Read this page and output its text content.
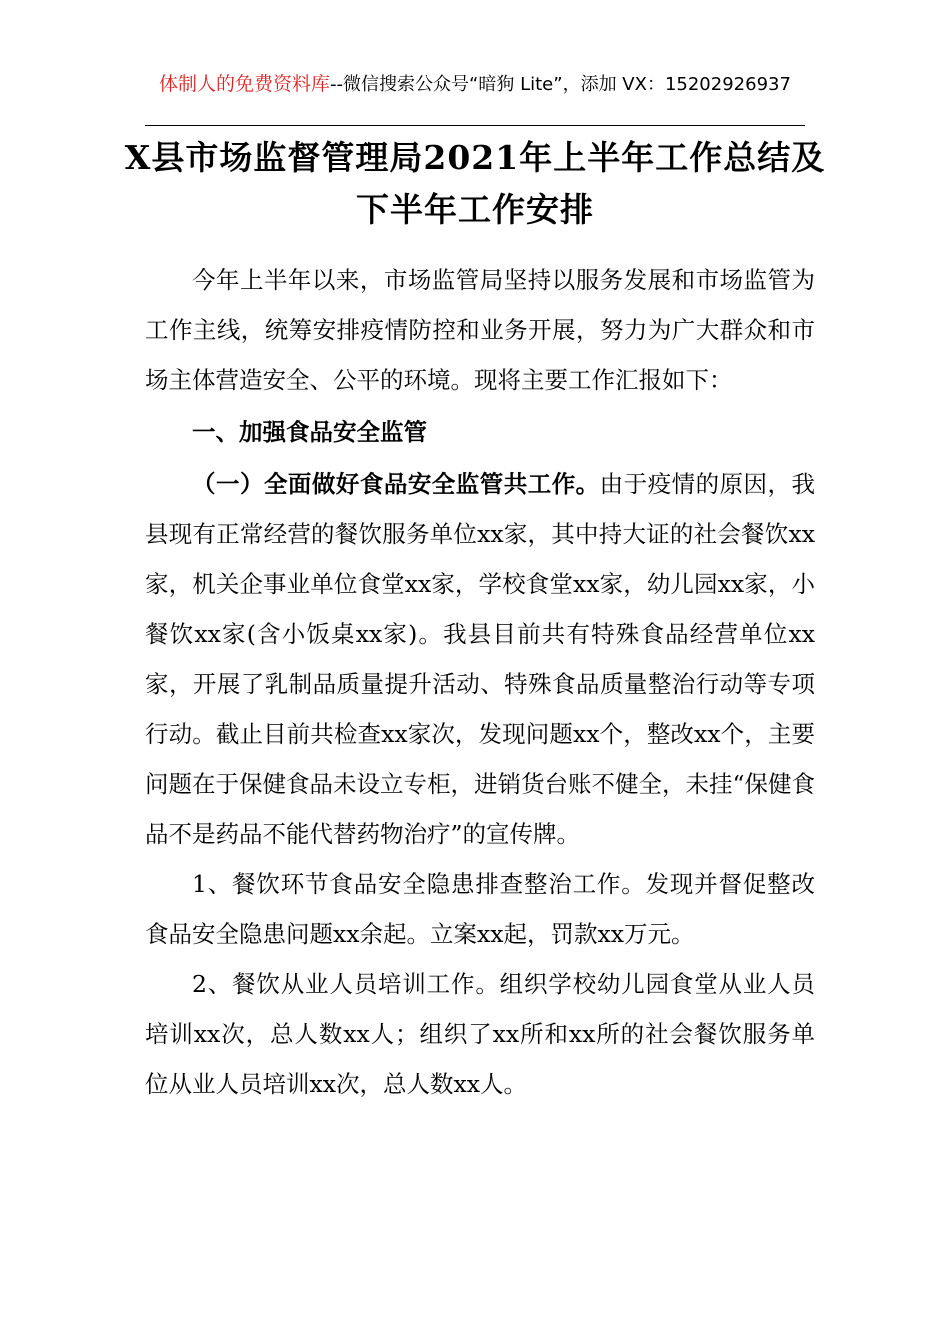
体制人的免费资料库--微信搜索公众号“暗狗 Lite”，添加 VX：15202926937
X县市场监督管理局2021年上半年工作总结及下半年工作安排

今年上半年以来，市场监管局坚持以服务发展和市场监管为工作主线，统筹安排疫情防控和业务开展，努力为广大群众和市场主体营造安全、公平的环境。现将主要工作汇报如下：

一、加强食品安全监管

（一）全面做好食品安全监管共工作。由于疫情的原因，我县现有正常经营的餐饮服务单位xx家，其中持大证的社会餐饮xx家，机关企事业单位食堂xx家，学校食堂xx家，幼儿园xx家，小餐饮xx家(含小饭桌xx家)。我县目前共有特殊食品经营单位xx家，开展了乳制品质量提升活动、特殊食品质量整治行动等专项行动。截止目前共检查xx家次，发现问题xx个，整改xx个，主要问题在于保健食品未设立专柜，进销货台账不健全，未挂“保健食品不是药品不能代替药物治疗”的宣传牌。

1、餐饮环节食品安全隐患排查整治工作。发现并督促整改食品安全隐患问题xx余起。立案xx起，罚款xx万元。

2、餐饮从业人员培训工作。组织学校幼儿园食堂从业人员培训xx次，总人数xx人；组织了xx所和xx所的社会餐饮服务单位从业人员培训xx次，总人数xx人。
